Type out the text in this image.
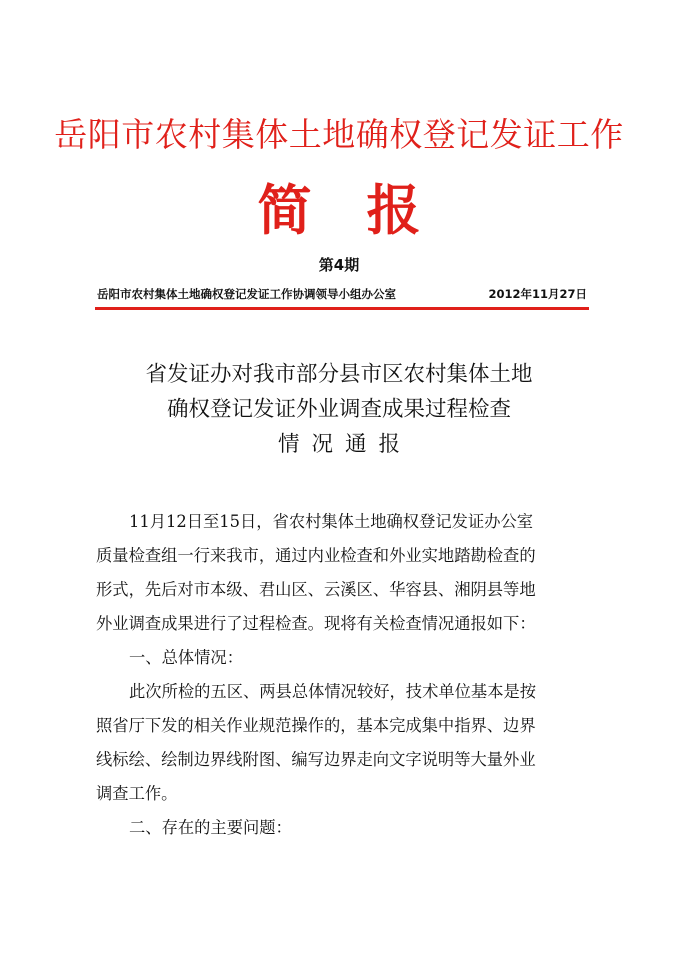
岳阳市农村集体土地确权登记发证工作
简报
第4期
岳阳市农村集体土地确权登记发证工作协调领导小组办公室	2012年11月27日
省发证办对我市部分县市区农村集体土地
确权登记发证外业调查成果过程检查
情况通报

11月12日至15日，省农村集体土地确权登记发证办公室
质量检查组一行来我市，通过内业检查和外业实地踏勘检查的
形式，先后对市本级、君山区、云溪区、华容县、湘阴县等地
外业调查成果进行了过程检查。现将有关检查情况通报如下：

一、总体情况：

此次所检的五区、两县总体情况较好，技术单位基本是按
照省厅下发的相关作业规范操作的，基本完成集中指界、边界
线标绘、绘制边界线附图、编写边界走向文字说明等大量外业
调查工作。

二、存在的主要问题：
